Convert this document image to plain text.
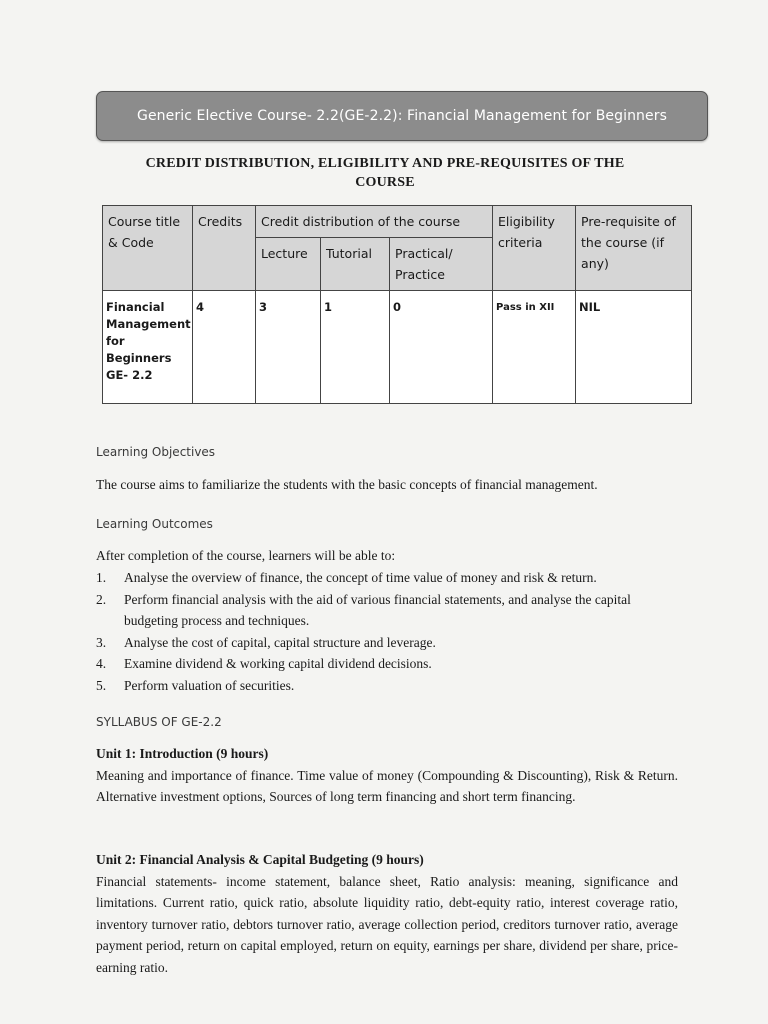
Generic Elective Course- 2.2(GE-2.2): Financial Management for Beginners
CREDIT DISTRIBUTION, ELIGIBILITY AND PRE-REQUISITES OF THE
COURSE
Course title & Code	Credits	Credit distribution of the course			Eligibility criteria	Pre-requisite of the course (if any)
		Lecture	Tutorial	Practical/ Practice		
Financial Management for Beginners GE- 2.2	4	3	1	0	Pass in XII	NIL
Learning Objectives
The course aims to familiarize the students with the basic concepts of financial management.
Learning Outcomes
After completion of the course, learners will be able to:
1. Analyse the overview of finance, the concept of time value of money and risk & return.
2. Perform financial analysis with the aid of various financial statements, and analyse the capital budgeting process and techniques.
3. Analyse the cost of capital, capital structure and leverage.
4. Examine dividend & working capital dividend decisions.
5. Perform valuation of securities.
SYLLABUS OF GE-2.2
Unit 1: Introduction (9 hours)
Meaning and importance of finance. Time value of money (Compounding & Discounting), Risk & Return. Alternative investment options, Sources of long term financing and short term financing.
Unit 2: Financial Analysis & Capital Budgeting (9 hours)
Financial statements- income statement, balance sheet, Ratio analysis: meaning, significance and limitations. Current ratio, quick ratio, absolute liquidity ratio, debt-equity ratio, interest coverage ratio, inventory turnover ratio, debtors turnover ratio, average collection period, creditors turnover ratio, average payment period, return on capital employed, return on equity, earnings per share, dividend per share, price-earning ratio.
